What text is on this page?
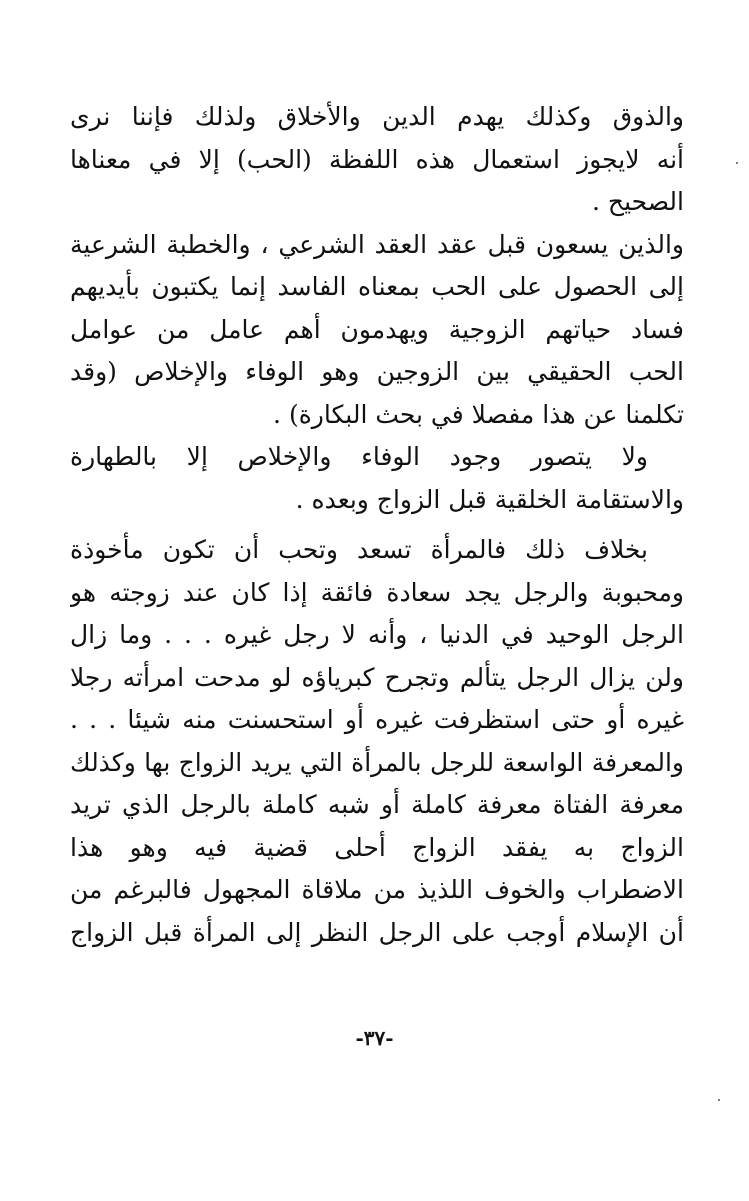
والذوق وكذلك يهدم الدين والأخلاق ولذلك فإننا نرى
أنه لايجوز استعمال هذه اللفظة (الحب) إلا في معناها
الصحيح .
والذين يسعون قبل عقد العقد الشرعي ، والخطبة الشرعية
إلى الحصول على الحب بمعناه الفاسد إنما يكتبون بأيديهم
فساد حياتهم الزوجية ويهدمون أهم عامل من عوامل
الحب الحقيقي بين الزوجين وهو الوفاء والإخلاص (وقد
تكلمنا عن هذا مفصلا في بحث البكارة) .
ولا يتصور وجود الوفاء والإخلاص إلا بالطهارة
والاستقامة الخلقية قبل الزواج وبعده .
بخلاف ذلك فالمرأة تسعد وتحب أن تكون مأخوذة
ومحبوبة والرجل يجد سعادة فائقة إذا كان عند زوجته هو
الرجل الوحيد في الدنيا ، وأنه لا رجل غيره . . . وما زال
ولن يزال الرجل يتألم وتجرح كبرياؤه لو مدحت امرأته رجلا
غيره أو حتى استظرفت غيره أو استحسنت منه شيئا . . .
والمعرفة الواسعة للرجل بالمرأة التي يريد الزواج بها وكذلك
معرفة الفتاة معرفة كاملة أو شبه كاملة بالرجل الذي تريد
الزواج به يفقد الزواج أحلى قضية فيه وهو هذا
الاضطراب والخوف اللذيذ من ملاقاة المجهول فالبرغم من
أن الإسلام أوجب على الرجل النظر إلى المرأة قبل الزواج
-٣٧-
